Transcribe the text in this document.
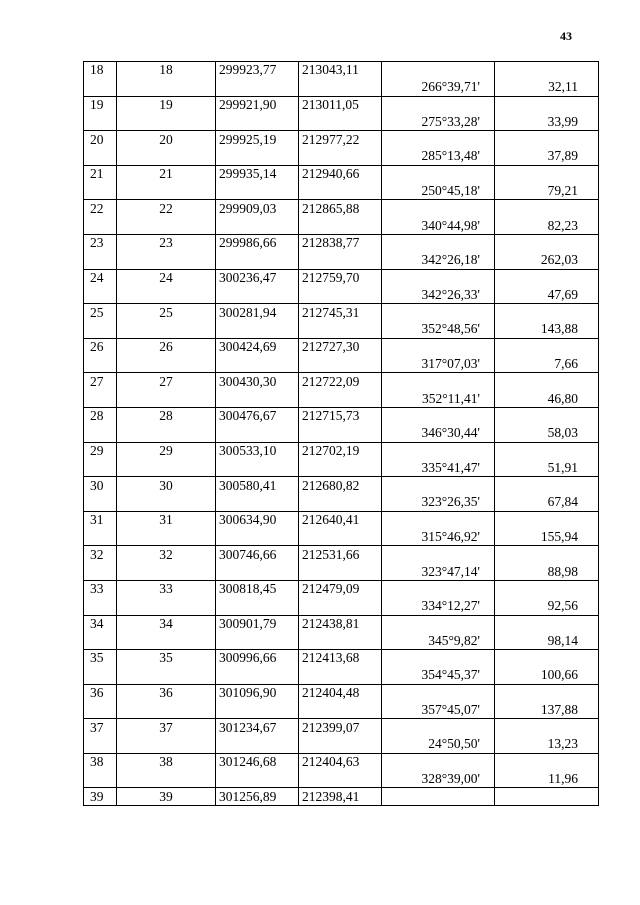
43
18	18	299923,77	213043,11		
				266°39,71'	32,11
19	19	299921,90	213011,05		
				275°33,28'	33,99
20	20	299925,19	212977,22		
				285°13,48'	37,89
21	21	299935,14	212940,66		
				250°45,18'	79,21
22	22	299909,03	212865,88		
				340°44,98'	82,23
23	23	299986,66	212838,77		
				342°26,18'	262,03
24	24	300236,47	212759,70		
				342°26,33'	47,69
25	25	300281,94	212745,31		
				352°48,56'	143,88
26	26	300424,69	212727,30		
				317°07,03'	7,66
27	27	300430,30	212722,09		
				352°11,41'	46,80
28	28	300476,67	212715,73		
				346°30,44'	58,03
29	29	300533,10	212702,19		
				335°41,47'	51,91
30	30	300580,41	212680,82		
				323°26,35'	67,84
31	31	300634,90	212640,41		
				315°46,92'	155,94
32	32	300746,66	212531,66		
				323°47,14'	88,98
33	33	300818,45	212479,09		
				334°12,27'	92,56
34	34	300901,79	212438,81		
				345°9,82'	98,14
35	35	300996,66	212413,68		
				354°45,37'	100,66
36	36	301096,90	212404,48		
				357°45,07'	137,88
37	37	301234,67	212399,07		
				24°50,50'	13,23
38	38	301246,68	212404,63		
				328°39,00'	11,96
39	39	301256,89	212398,41		
